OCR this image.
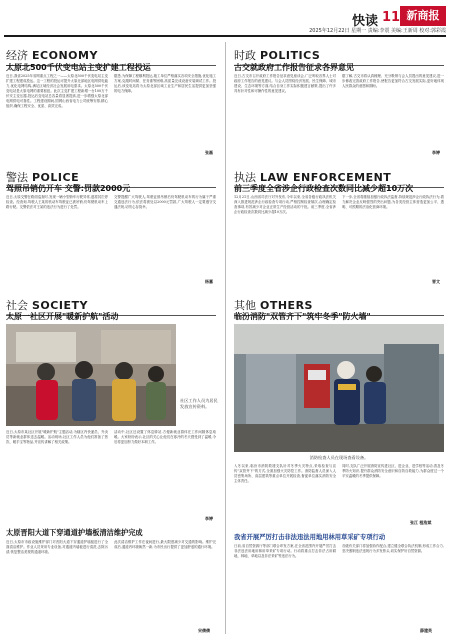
快读 11 新商报
2025年12月22日 星期一 责编:李震 美编:王新周 校对:郭彩霞
经济 ECONOMY
太原北500千伏变电站主变扩建工程投运
近日,我省2025年省网重点工程之一——太原北500千伏变电站主变扩建工程建成投运。这一工程的投运可提升太原北部地区电网供电能力,优化电网结构,满足区域经济社会发展用电需求。太原北500千伏变电站是太原电网的重要枢纽。此次主变扩建工程新增一台100万千伏安主变压器,投运后变电站总容量将显著提高,进一步增强太原北部电网供电可靠性。工程建设期间,国网山西省电力公司统筹安排,精心组织,确保工程安全、优质、高效完成。
据悉,为保障工程顺利投运,施工单位严格落实各项安全措施,优化施工方案,克服时间紧、任务重等困难,高质量完成设备安装调试工作。投运后,该变电站将为太原北部区域工业生产和居民生活提供更加坚强的电力保障。
张磊
时政 POLITICS
古交就政府工作报告征求各界意见
近日,古交市召开政府工作报告征求意见座谈会,广泛听取各界人士对政府工作报告的意见建议。与会人员围绕经济发展、民生保障、城市建设、生态环境等方面,结合自身工作实际积极建言献策,提出了许多具有针对性和可操作性的意见建议。
据了解,古交市将认真梳理、充分吸纳与会人员提出的意见建议,进一步修改完善政府工作报告,使报告更加符合古交发展实际,更好地体现人民群众的意愿和期盼。
李婷
警法 POLICE
驾照吊销仍开车 交警:罚款2000元
近日,太原交警在路面巡查时,发现一辆小型轿车行驶异常,遂将其拦停检查。经查询,驾驶人王某的机动车驾驶证已被吊销,仍驾驶机动车上路行驶。交警依法对王某的违法行为进行了处罚。
交警提醒广大驾驶人,驾驶证被吊销后仍驾驶机动车的行为属于严重交通违法行为,依法将被处以2000元罚款,广大驾驶人一定要遵守交通法规,切勿心存侥幸。
杨嘉
执法 LAW ENFORCEMENT
前三季度全省涉企行政检查次数同比减少超10万次
12月21日,山西省司法厅对外发布,今年以来,全省各级行政执法机关深入推进规范涉企行政检查专项行动,严格控制检查频次,合理确定检查事项,有效减少对企业正常生产经营活动的干扰。前三季度,全省涉企行政检查次数同比减少超10万次。
下一步,全省将继续加强行政执法监督,持续规范涉企行政执法行为,着力解决企业反映强烈的突出问题,为各类经营主体营造更加公平、透明、可预期的法治化营商环境。
晋文
社会 SOCIETY
太原一社区开展"暖新护航"活动
社区工作人员为居民发放宣传资料。
近日,太原市某社区开展"暖新护航"主题活动,为辖区内快递员、外卖员等新就业群体送去温暖。活动现场,社区工作人员为他们准备了热饮、暖手宝等物品,并宣传讲解了相关政策。
活动中,社区还设置了休息驿站,方便新就业群体在工作间隙休息取暖。大家纷纷表示,社区的关心让他们在寒冷的冬天感受到了温暖,今后将更加努力做好本职工作。
李婷
太原晋阳大道下穿通道护墙板清洁维护完成
近日,太原市市政设施维护部门对晋阳大道下穿通道护墙板进行了全面清洁维护。作业人员采用专业设备,对通道内墙板进行清洗,去除污渍,恢复整洁美观的通道环境。
此次清洁维护工作在夜间进行,最大限度减少对交通的影响。维护完成后,通道内环境焕然一新,为市民出行提供了更加舒适的通行环境。
宋倩倩
其他 OTHERS
临汾消防"双管齐下"筑牢冬季"防火墙"
消防检查人员在现场查看设备。
入冬以来,临汾市消防救援支队针对冬季火灾特点,采取检查与宣传"双管齐下"的方式,全面加强火灾防控工作。消防监督人员深入人员密集场所、高层建筑等重点单位开展检查,督促单位落实消防安全主体责任。
同时,支队广泛开展消防宣传进社区、进企业、进学校等活动,普及冬季防火知识,提升群众消防安全意识和自防自救能力,为群众度过一个平安温暖的冬季提供保障。
张江 程浩斌
我省开展严厉打击非法违法用地用林用草采矿专项行动
日前,省自然资源厅等部门联合印发方案,在全省范围内开展严厉打击非法违法用地用林用草采矿专项行动。行动将重点打击非法占用耕地、林地、草地以及非法采矿等违法行为。
各级有关部门将加强协作配合,建立健全联合执法机制,形成工作合力,坚决遏制违法违规行为多发势头,切实保护好自然资源。
薛建英
